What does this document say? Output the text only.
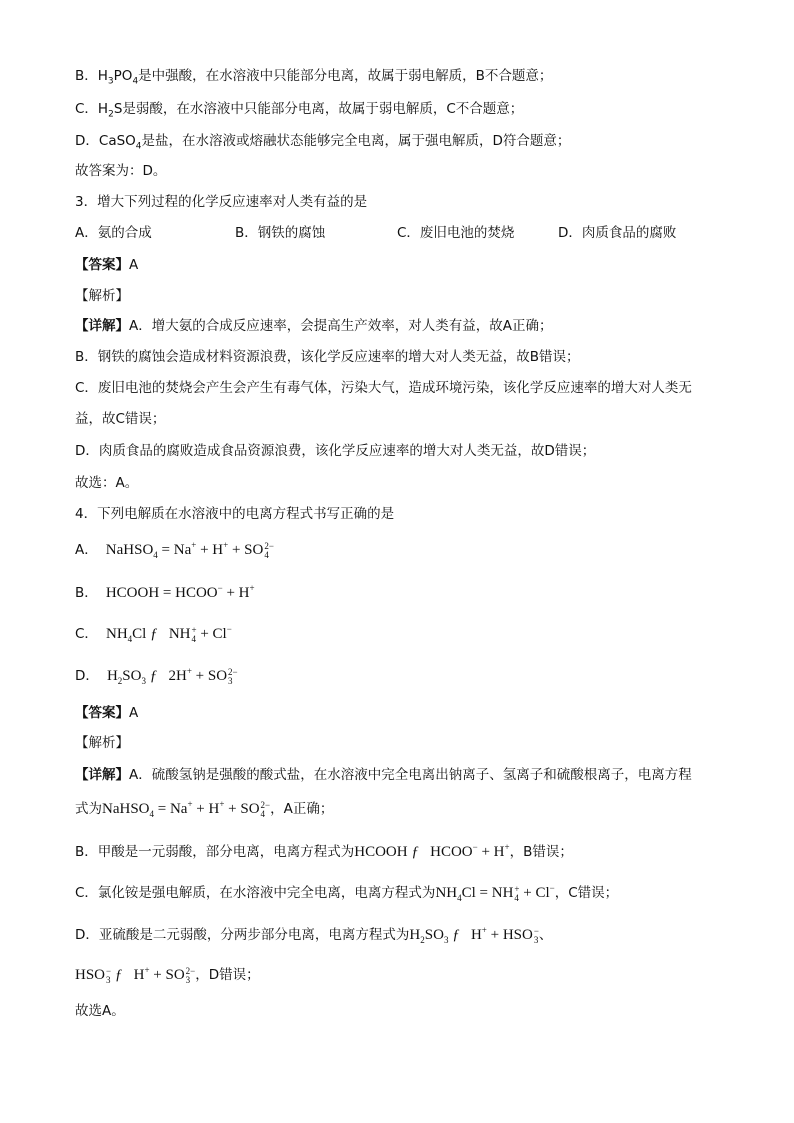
B．$H_3PO_4$是中强酸，在水溶液中只能部分电离，故属于弱电解质，B不合题意；
C．$H_2S$是弱酸，在水溶液中只能部分电离，故属于弱电解质，C不合题意；
D．CaSO$_4$是盐，在水溶液或熔融状态能够完全电离，属于强电解质，D符合题意；
故答案为：D。
3．增大下列过程的化学反应速率对人类有益的是
A．氨的合成	B．钢铁的腐蚀	C．废旧电池的焚烧	D．肉质食品的腐败
【答案】A
【解析】
【详解】A．增大氨的合成反应速率，会提高生产效率，对人类有益，故A正确；
B．钢铁的腐蚀会造成材料资源浪费，该化学反应速率的增大对人类无益，故B错误；
C．废旧电池的焚烧会产生会产生有毒气体，污染大气，造成环境污染，该化学反应速率的增大对人类无
益，故C错误；
D．肉质食品的腐败造成食品资源浪费，该化学反应速率的增大对人类无益，故D错误；
故选：A。
4．下列电解质在水溶液中的电离方程式书写正确的是
A．  NaHSO$_4$ = Na+ + H+ + SO 2−
4
B．  HCOOH = HCOO− + H+
C．  $NH_4Cl$ ƒ   NH +
4 + Cl−
D．  $H_2SO_3$ ƒ   2H+ + SO 2−
3
【答案】A
【解析】
【详解】A．硫酸氢钠是强酸的酸式盐，在水溶液中完全电离出钠离子、氢离子和硫酸根离子，电离方程
式为NaHSO$_4$ = Na+ + H+ + SO 2−
4 ，A正确；
B．甲酸是一元弱酸，部分电离，电离方程式为HCOOH ƒ   HCOO− + H+，B错误；
C．氯化铵是强电解质，在水溶液中完全电离，电离方程式为$NH_4Cl$ = NH +
4 + Cl−，C错误；
D．亚硫酸是二元弱酸，分两步部分电离，电离方程式为$H_2SO_3$ ƒ   H+ + HSO −
3 、
HSO −
3 ƒ   H+ + SO 2−
3 ，D错误；
故选A。
